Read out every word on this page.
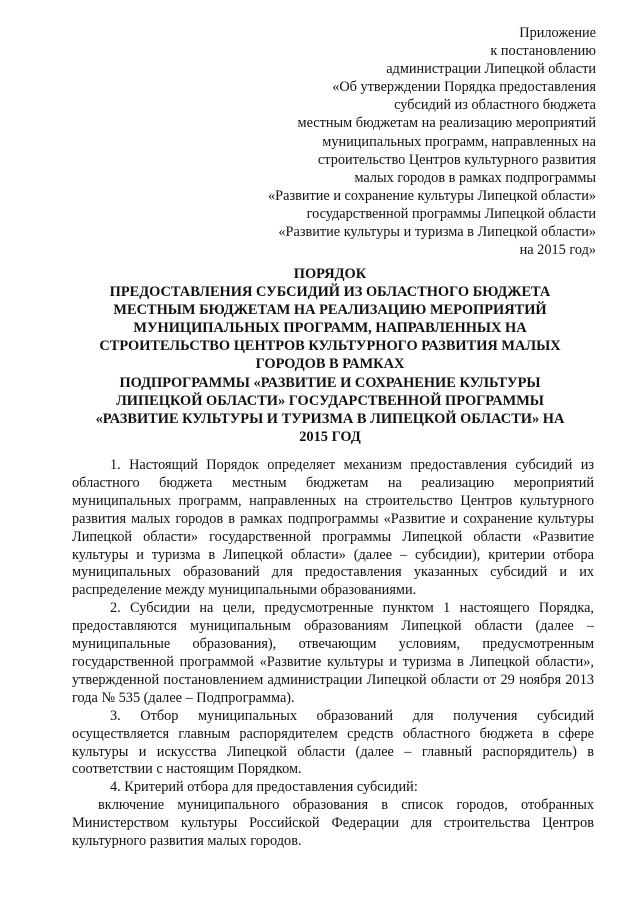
Приложение
к постановлению
администрации Липецкой области
«Об утверждении Порядка предоставления
субсидий из областного бюджета
местным бюджетам на реализацию мероприятий
муниципальных программ, направленных на
строительство Центров культурного развития
малых городов в рамках подпрограммы
«Развитие и сохранение культуры Липецкой области»
государственной программы Липецкой области
«Развитие культуры и туризма в Липецкой области»
на 2015 год»
ПОРЯДОК
ПРЕДОСТАВЛЕНИЯ СУБСИДИЙ ИЗ ОБЛАСТНОГО БЮДЖЕТА
МЕСТНЫМ БЮДЖЕТАМ НА РЕАЛИЗАЦИЮ МЕРОПРИЯТИЙ
МУНИЦИПАЛЬНЫХ ПРОГРАММ, НАПРАВЛЕННЫХ НА
СТРОИТЕЛЬСТВО ЦЕНТРОВ КУЛЬТУРНОГО РАЗВИТИЯ МАЛЫХ
ГОРОДОВ В РАМКАХ
ПОДПРОГРАММЫ «РАЗВИТИЕ И СОХРАНЕНИЕ КУЛЬТУРЫ
ЛИПЕЦКОЙ ОБЛАСТИ» ГОСУДАРСТВЕННОЙ ПРОГРАММЫ
«РАЗВИТИЕ КУЛЬТУРЫ И ТУРИЗМА В ЛИПЕЦКОЙ ОБЛАСТИ» НА
2015 ГОД

1. Настоящий Порядок определяет механизм предоставления субсидий из областного бюджета местным бюджетам на реализацию мероприятий муниципальных программ, направленных на строительство Центров культурного развития малых городов в рамках подпрограммы «Развитие и сохранение культуры Липецкой области» государственной программы Липецкой области «Развитие культуры и туризма в Липецкой области» (далее – субсидии), критерии отбора муниципальных образований для предоставления указанных субсидий и их распределение между муниципальными образованиями.

2. Субсидии на цели, предусмотренные пунктом 1 настоящего Порядка, предоставляются муниципальным образованиям Липецкой области (далее – муниципальные образования), отвечающим условиям, предусмотренным государственной программой «Развитие культуры и туризма в Липецкой области», утвержденной постановлением администрации Липецкой области от 29 ноября 2013 года № 535 (далее – Подпрограмма).

3. Отбор муниципальных образований для получения субсидий осуществляется главным распорядителем средств областного бюджета в сфере культуры и искусства Липецкой области (далее – главный распорядитель) в соответствии с настоящим Порядком.

4. Критерий отбора для предоставления субсидий:

включение муниципального образования в список городов, отобранных Министерством культуры Российской Федерации для строительства Центров культурного развития малых городов.
